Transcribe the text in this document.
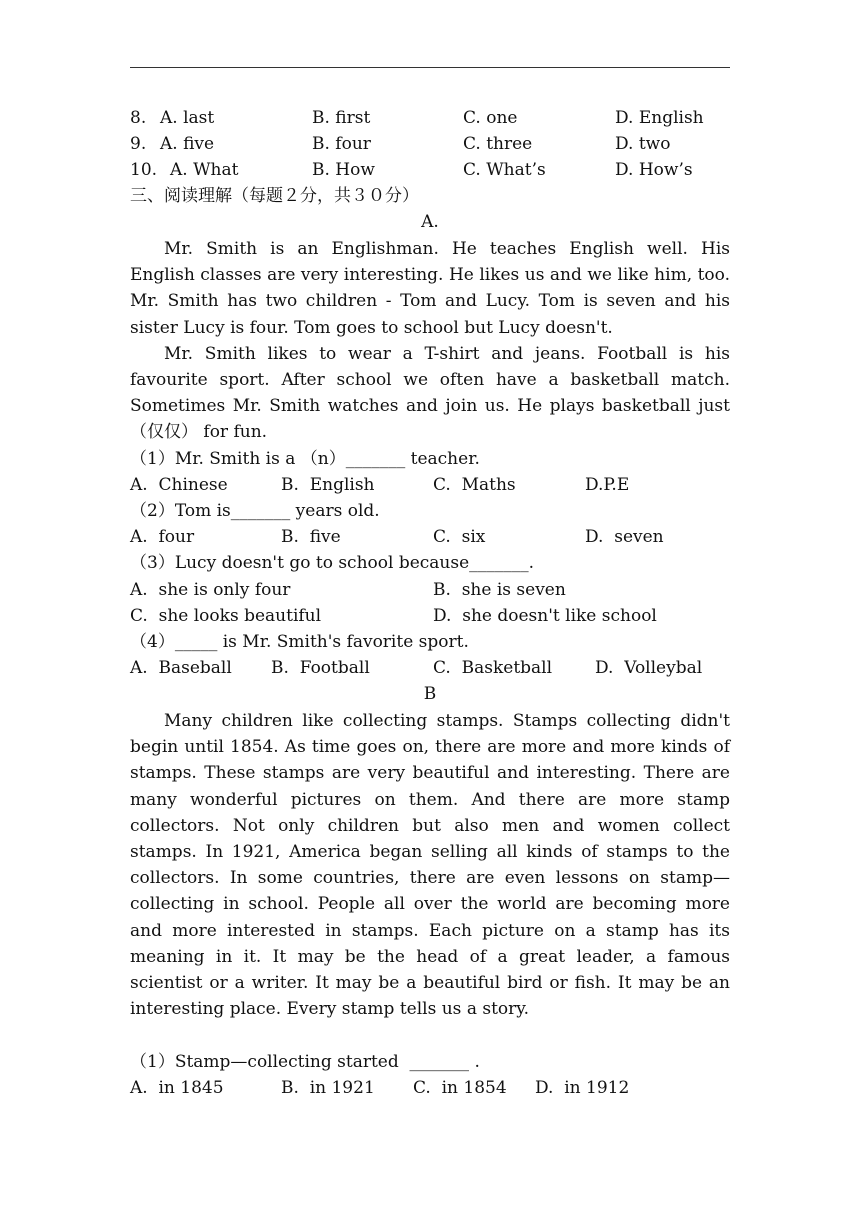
8. A. last	B. first	C. one	D. English
9. A. five	B. four	C. three	D. two
10. A. What	B. How	C. What’s	D. How’s
三、阅读理解（每题２分，共３０分）
A.

Mr. Smith is an Englishman. He teaches English well. His English classes are very interesting. He likes us and we like him, too. Mr. Smith has two children - Tom and Lucy. Tom is seven and his sister Lucy is four. Tom goes to school but Lucy doesn't.

Mr. Smith likes to wear a T-shirt and jeans. Football is his favourite sport. After school we often have a basketball match. Sometimes Mr. Smith watches and join us. He plays basketball just （仅仅） for fun.

（1）Mr. Smith is a （n）_______ teacher.
A.  Chinese	B.  English	C.  Maths	D.P.E
（2）Tom is_______ years old.
A.  four	B.  five	C.  six	D.  seven
（3）Lucy doesn't go to school because_______.
A.  she is only four	B.  she is seven
C.  she looks beautiful	D.  she doesn't like school
（4）_____ is Mr. Smith's favorite sport.
A.  Baseball B.  Football	C.  Basketball	D.  Volleybal
B

Many children like collecting stamps. Stamps collecting didn't begin until 1854. As time goes on, there are more and more kinds of stamps. These stamps are very beautiful and interesting. There are many wonderful pictures on them. And there are more stamp collectors. Not only children but also men and women collect stamps. In 1921, America began selling all kinds of stamps to the collectors. In some countries, there are even lessons on stamp—collecting in school. People all over the world are becoming more and more interested in stamps. Each picture on a stamp has its meaning in it. It may be the head of a great leader, a famous scientist or a writer. It may be a beautiful bird or fish. It may be an interesting place. Every stamp tells us a story.

（1）Stamp—collecting started  _______ .
A.  in 1845	B.  in 1921 C.  in 1854 D.  in 1912
